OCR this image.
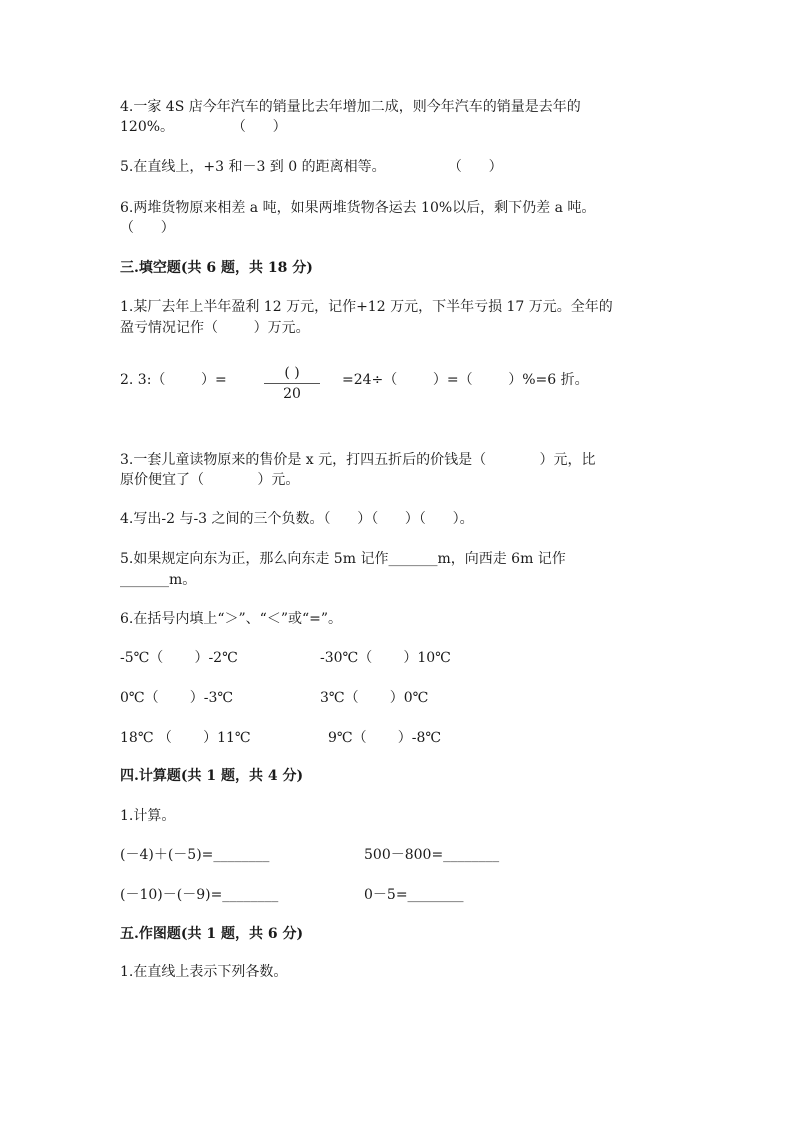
4.一家 4S 店今年汽车的销量比去年增加二成，则今年汽车的销量是去年的
120%。             （      ）
5.在直线上，+3 和－3 到 0 的距离相等。              （      ）
6.两堆货物原来相差 a 吨，如果两堆货物各运去 10%以后，剩下仍差 a 吨。
（      ）
三.填空题(共 6 题，共 18 分)
1.某厂去年上半年盈利 12 万元，记作+12 万元，下半年亏损 17 万元。全年的
盈亏情况记作（        ）万元。
2. 3:（        ）=	( )
20
=24÷（        ）=（        ）%=6 折。
3.一套儿童读物原来的售价是 x 元，打四五折后的价钱是（            ）元，比
原价便宜了（            ）元。
4.写出-2 与-3 之间的三个负数。（      ）（      ）（      ）。
5.如果规定向东为正，那么向东走 5m 记作_______m，向西走 6m 记作
_______m。
6.在括号内填上“＞”、“＜”或“=”。
-5℃（       ）-2℃	-30℃（       ）10℃
0℃（       ）-3℃	3℃（       ）0℃
18℃ （       ）11℃	9℃（       ）-8℃
四.计算题(共 1 题，共 4 分)
1.计算。
(－4)＋(－5)=________	500－800=________
(－10)－(－9)=________	0－5=________
五.作图题(共 1 题，共 6 分)
1.在直线上表示下列各数。
